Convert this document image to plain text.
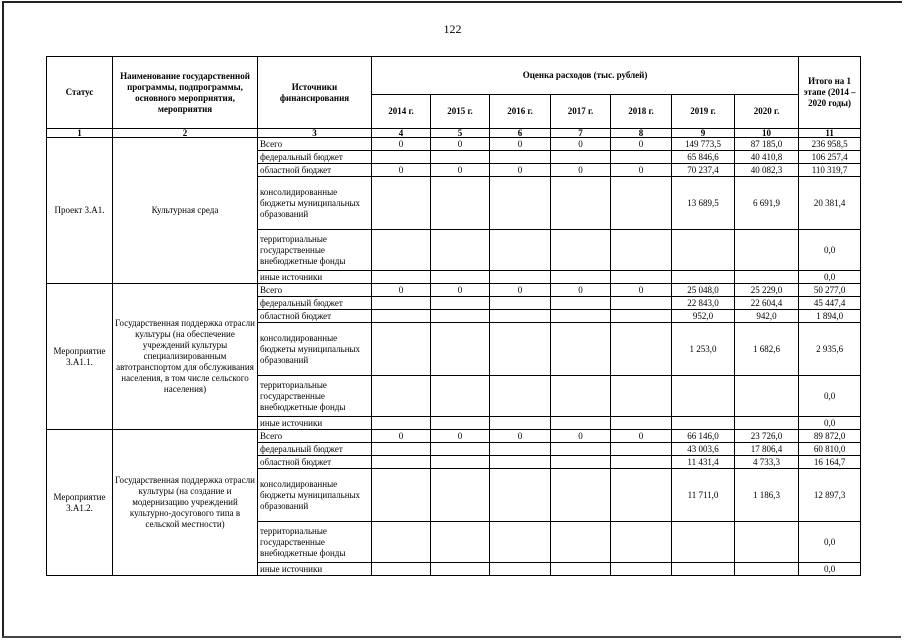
122
Статус	Наименование государственной программы, подпрограммы, основного мероприятия, мероприятия	Источники финансирования	Оценка расходов (тыс. рублей)							Итого на 1 этапе (2014 – 2020 годы)
			2014 г.	2015 г.	2016 г.	2017 г.	2018 г.	2019 г.	2020 г.	
1	2	3	4	5	6	7	8	9	10	11
Проект 3.A1.	Культурная среда	Всего	0	0	0	0	0	149 773,5	87 185,0	236 958,5
		федеральный бюджет						65 846,6	40 410,8	106 257,4
		областной бюджет	0	0	0	0	0	70 237,4	40 082,3	110 319,7
		консолидированные бюджеты муниципальных образований						13 689,5	6 691,9	20 381,4
		территориальные государственные внебюджетные фонды								0,0
		иные источники								0,0
Мероприятие 3.A1.1.	Государственная поддержка отрасли культуры (на обеспечение учреждений культуры специализированным автотранспортом для обслуживания населения, в том числе сельского населения)	Всего	0	0	0	0	0	25 048,0	25 229,0	50 277,0
		федеральный бюджет						22 843,0	22 604,4	45 447,4
		областной бюджет						952,0	942,0	1 894,0
		консолидированные бюджеты муниципальных образований						1 253,0	1 682,6	2 935,6
		территориальные государственные внебюджетные фонды								0,0
		иные источники								0,0
Мероприятие 3.A1.2.	Государственная поддержка отрасли культуры (на создание и модернизацию учреждений культурно-досугового типа в сельской местности)	Всего	0	0	0	0	0	66 146,0	23 726,0	89 872,0
		федеральный бюджет						43 003,6	17 806,4	60 810,0
		областной бюджет						11 431,4	4 733,3	16 164,7
		консолидированные бюджеты муниципальных образований						11 711,0	1 186,3	12 897,3
		территориальные государственные внебюджетные фонды								0,0
		иные источники								0,0
